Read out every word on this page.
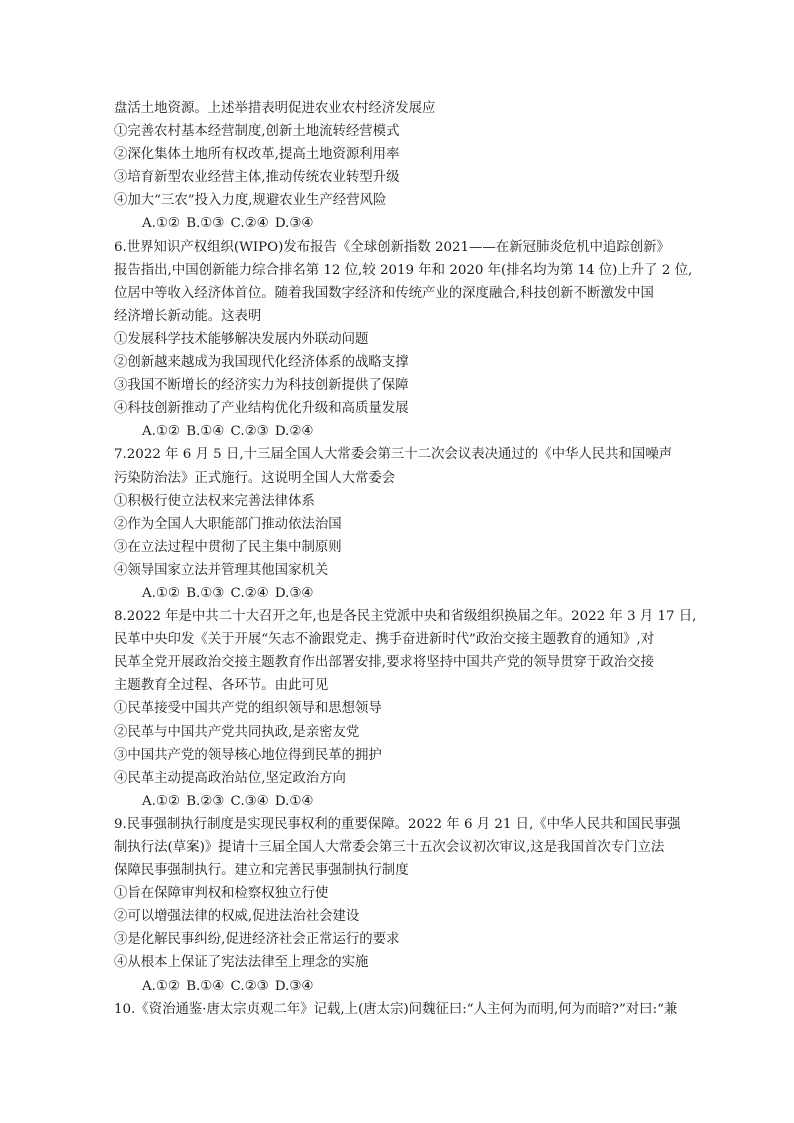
盘活土地资源。上述举措表明促进农业农村经济发展应
①完善农村基本经营制度,创新土地流转经营模式
②深化集体土地所有权改革,提高土地资源利用率
③培育新型农业经营主体,推动传统农业转型升级
④加大“三农”投入力度,规避农业生产经营风险
A.①② B.①③ C.②④ D.③④
6.世界知识产权组织(WIPO)发布报告《全球创新指数 2021——在新冠肺炎危机中追踪创新》
报告指出,中国创新能力综合排名第 12 位,较 2019 年和 2020 年(排名均为第 14 位)上升了 2 位,
位居中等收入经济体首位。随着我国数字经济和传统产业的深度融合,科技创新不断激发中国
经济增长新动能。这表明
①发展科学技术能够解决发展内外联动问题
②创新越来越成为我国现代化经济体系的战略支撑
③我国不断增长的经济实力为科技创新提供了保障
④科技创新推动了产业结构优化升级和高质量发展
A.①② B.①④ C.②③ D.②④
7.2022 年 6 月 5 日,十三届全国人大常委会第三十二次会议表决通过的《中华人民共和国噪声
污染防治法》正式施行。这说明全国人大常委会
①积极行使立法权来完善法律体系
②作为全国人大职能部门推动依法治国
③在立法过程中贯彻了民主集中制原则
④领导国家立法并管理其他国家机关
A.①② B.①③ C.②④ D.③④
8.2022 年是中共二十大召开之年,也是各民主党派中央和省级组织换届之年。2022 年 3 月 17 日,
民革中央印发《关于开展“矢志不渝跟党走、携手奋进新时代”政治交接主题教育的通知》,对
民革全党开展政治交接主题教育作出部署安排,要求将坚持中国共产党的领导贯穿于政治交接
主题教育全过程、各环节。由此可见
①民革接受中国共产党的组织领导和思想领导
②民革与中国共产党共同执政,是亲密友党
③中国共产党的领导核心地位得到民革的拥护
④民革主动提高政治站位,坚定政治方向
A.①② B.②③ C.③④ D.①④
9.民事强制执行制度是实现民事权利的重要保障。2022 年 6 月 21 日,《中华人民共和国民事强
制执行法(草案)》提请十三届全国人大常委会第三十五次会议初次审议,这是我国首次专门立法
保障民事强制执行。建立和完善民事强制执行制度
①旨在保障审判权和检察权独立行使
②可以增强法律的权威,促进法治社会建设
③是化解民事纠纷,促进经济社会正常运行的要求
④从根本上保证了宪法法律至上理念的实施
A.①② B.①④ C.②③ D.③④
10.《资治通鉴·唐太宗贞观二年》记载,上(唐太宗)问魏征曰:“人主何为而明,何为而暗?”对曰:“兼
